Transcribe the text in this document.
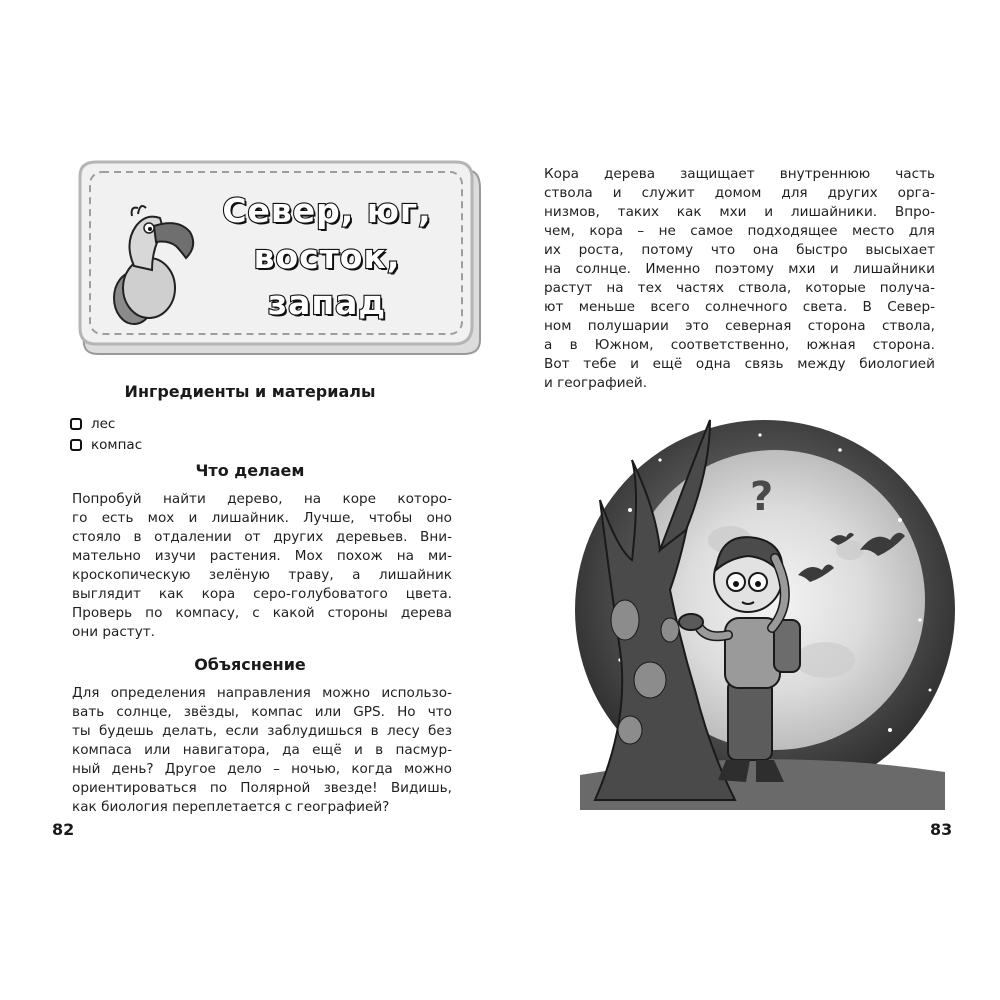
Север, юг,
восток,
запад
Ингредиенты и материалы
лес
компас
Что делаем

Попробуй найти дерево, на коре которо-

го есть мох и лишайник. Лучше, чтобы оно

стояло в отдалении от других деревьев. Вни-

мательно изучи растения. Мох похож на ми-

кроскопическую зелёную траву, а лишайник

выглядит как кора серо-голубоватого цвета.

Проверь по компасу, с какой стороны дерева

они растут.

Объяснение

Для определения направления можно использо-

вать солнце, звёзды, компас или GPS. Но что

ты будешь делать, если заблудишься в лесу без

компаса или навигатора, да ещё и в пасмур-

ный день? Другое дело – ночью, когда можно

ориентироваться по Полярной звезде! Видишь,

как биология переплетается с географией?

82

Кора дерева защищает внутреннюю часть

ствола и служит домом для других орга-

низмов, таких как мхи и лишайники. Впро-

чем, кора – не самое подходящее место для

их роста, потому что она быстро высыхает

на солнце. Именно поэтому мхи и лишайники

растут на тех частях ствола, которые получа-

ют меньше всего солнечного света. В Север-

ном полушарии это северная сторона ствола,

а в Южном, соответственно, южная сторона.

Вот тебе и ещё одна связь между биологией

и географией.

?
83
